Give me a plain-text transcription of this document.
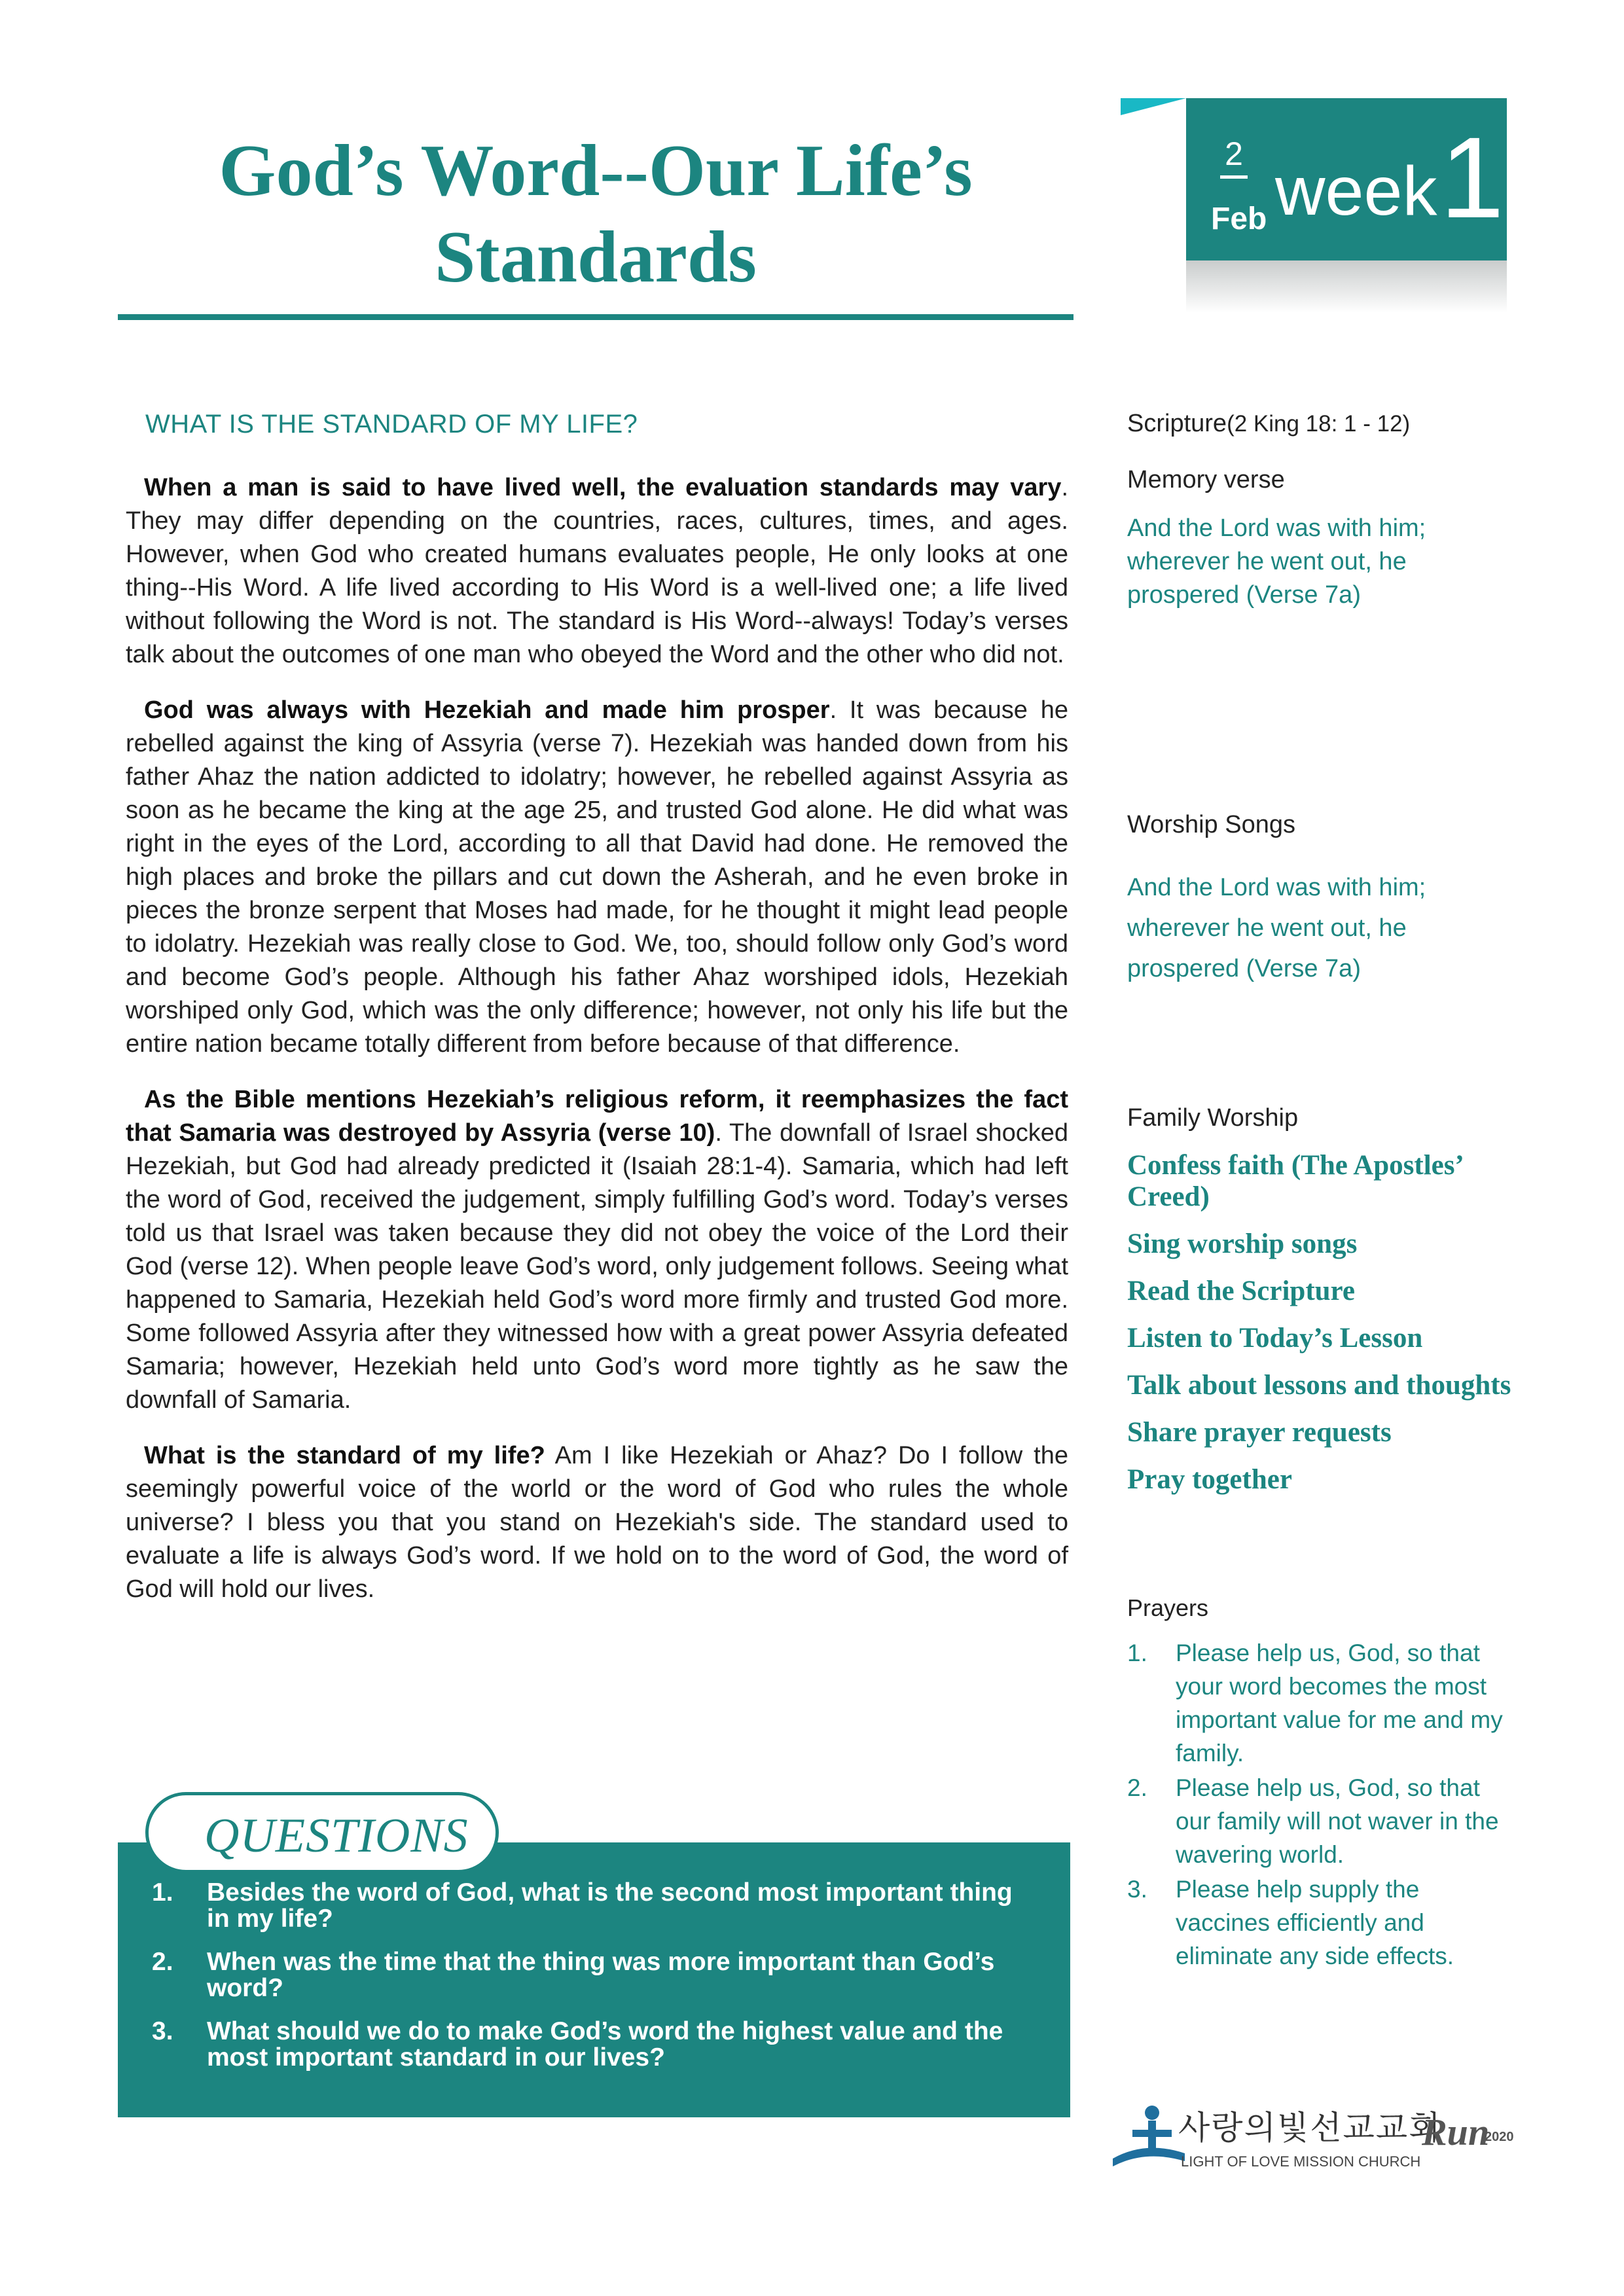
God’s Word--Our Life’s
Standards
2
Feb week 1
WHAT IS THE STANDARD OF MY LIFE?

When a man is said to have lived well, the evaluation standards may vary. They may differ depending on the countries, races, cultures, times, and ages. However, when God who created humans evaluates people, He only looks at one thing--His Word. A life lived according to His Word is a well-lived one; a life lived without following the Word is not. The standard is His Word--always! Today’s verses talk about the outcomes of one man who obeyed the Word and the other who did not.

God was always with Hezekiah and made him prosper. It was because he rebelled against the king of Assyria (verse 7). Hezekiah was handed down from his father Ahaz the nation addicted to idolatry; however, he rebelled against Assyria as soon as he became the king at the age 25, and trusted God alone. He did what was right in the eyes of the Lord, according to all that David had done. He removed the high places and broke the pillars and cut down the Asherah, and he even broke in pieces the bronze serpent that Moses had made, for he thought it might lead people to idolatry. Hezekiah was really close to God. We, too, should follow only God’s word and become God’s people. Although his father Ahaz worshiped idols, Hezekiah worshiped only God, which was the only difference; however, not only his life but the entire nation became totally different from before because of that difference.

As the Bible mentions Hezekiah’s religious reform, it reemphasizes the fact that Samaria was destroyed by Assyria (verse 10). The downfall of Israel shocked Hezekiah, but God had already predicted it (Isaiah 28:1-4). Samaria, which had left the word of God, received the judgement, simply fulfilling God’s word. Today’s verses told us that Israel was taken because they did not obey the voice of the Lord their God (verse 12). When people leave God’s word, only judgement follows. Seeing what happened to Samaria, Hezekiah held God’s word more firmly and trusted God more. Some followed Assyria after they witnessed how with a great power Assyria defeated Samaria; however, Hezekiah held unto God’s word more tightly as he saw the downfall of Samaria.

What is the standard of my life? Am I like Hezekiah or Ahaz? Do I follow the seemingly powerful voice of the world or the word of God who rules the whole universe? I bless you that you stand on Hezekiah's side. The standard used to evaluate a life is always God’s word. If we hold on to the word of God, the word of God will hold our lives.

QUESTIONS
1.	Besides the word of God, what is the second most important thing in my life?
2.	When was the time that the thing was more important than God’s word?
3.	What should we do to make God’s word the highest value and the most important standard in our lives?
Scripture(2 King 18: 1 - 12)
Memory verse
And the Lord was with him; wherever he went out, he prospered (Verse 7a)
Worship Songs
And the Lord was with him; wherever he went out, he prospered (Verse 7a)
Family Worship
Confess faith (The Apostles’ Creed)
Sing worship songs
Read the Scripture
Listen to Today’s Lesson
Talk about lessons and thoughts
Share prayer requests
Pray together
Prayers
1.	Please help us, God, so that your word becomes the most important value for me and my family.
2.	Please help us, God, so that our family will not waver in the wavering world.
3.	Please help supply the vaccines efficiently and eliminate any side effects.
사랑의빛선교교회
LIGHT OF LOVE MISSION CHURCH
Run
2020
